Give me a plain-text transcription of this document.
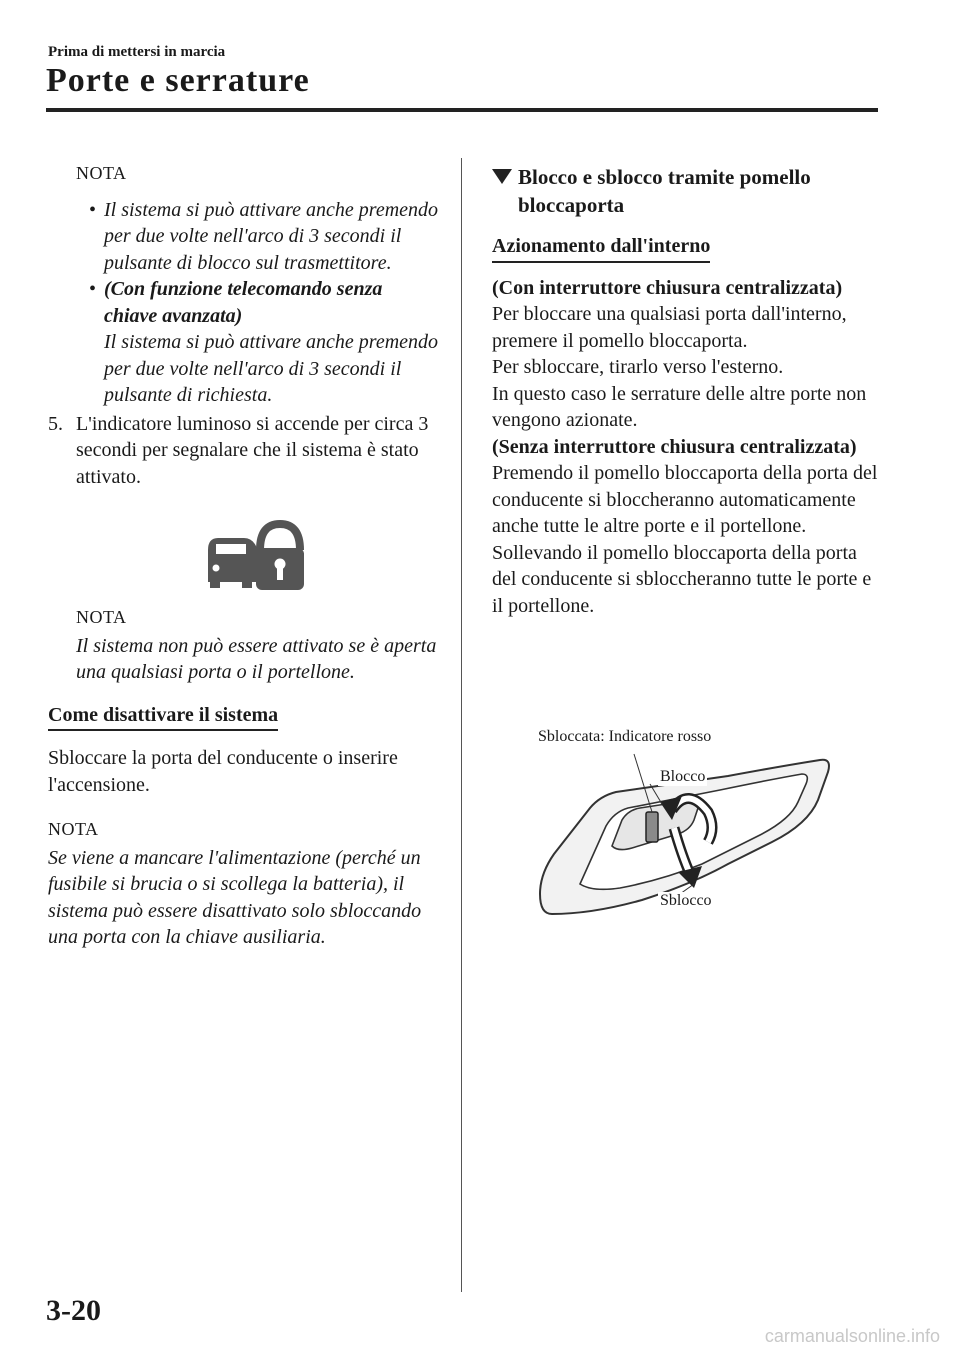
Prima di mettersi in marcia
Porte e serrature

NOTA

• Il sistema si può attivare anche premendo per due volte nell'arco di 3 secondi il pulsante di blocco sul trasmettitore.

• (Con funzione telecomando senza chiave avanzata)
Il sistema si può attivare anche premendo per due volte nell'arco di 3 secondi il pulsante di richiesta.

5. L'indicatore luminoso si accende per circa 3 secondi per segnalare che il sistema è stato attivato.

NOTA

Il sistema non può essere attivato se è aperta una qualsiasi porta o il portellone.

Come disattivare il sistema

Sbloccare la porta del conducente o inserire l'accensione.

NOTA

Se viene a mancare l'alimentazione (perché un fusibile si brucia o si scollega la batteria), il sistema può essere disattivato solo sbloccando una porta con la chiave ausiliaria.

Blocco e sblocco tramite pomello bloccaporta

Azionamento dall'interno

(Con interruttore chiusura centralizzata)

Per bloccare una qualsiasi porta dall'interno, premere il pomello bloccaporta.

Per sbloccare, tirarlo verso l'esterno.

In questo caso le serrature delle altre porte non vengono azionate.

(Senza interruttore chiusura centralizzata)

Premendo il pomello bloccaporta della porta del conducente si bloccheranno automaticamente anche tutte le altre porte e il portellone. Sollevando il pomello bloccaporta della porta del conducente si sbloccheranno tutte le porte e il portellone.

Sbloccata: Indicatore rosso
Blocco
Sblocco
3-20
carmanualsonline.info
